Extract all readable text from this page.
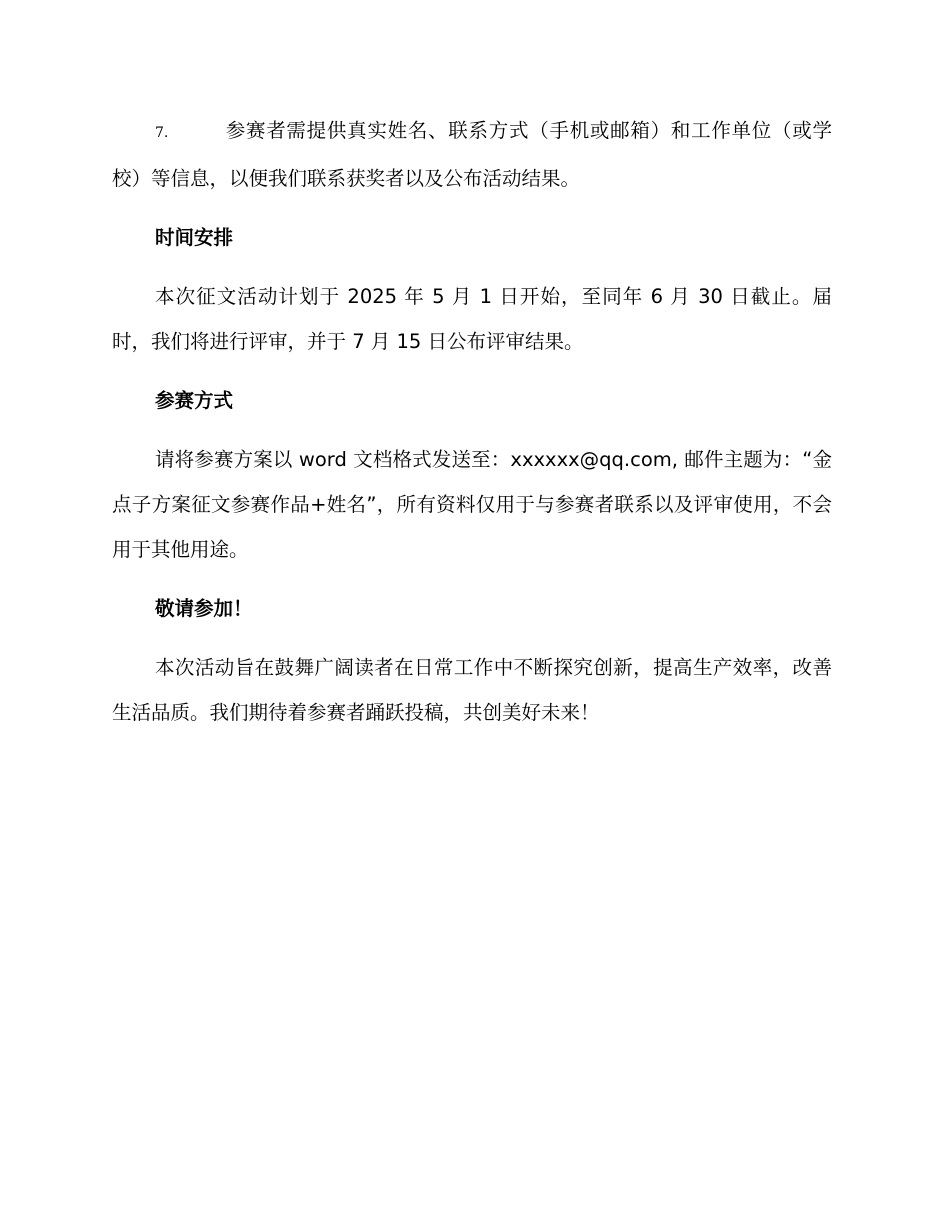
7.	参赛者需提供真实姓名、联系方式（手机或邮箱）和工作单位（或学校）等信息，以便我们联系获奖者以及公布活动结果。

时间安排

本次征文活动计划于 2025 年 5 月 1 日开始，至同年 6 月 30 日截止。届时，我们将进行评审，并于 7 月 15 日公布评审结果。

参赛方式

请将参赛方案以 word 文档格式发送至：xxxxxx@qq.com, 邮件主题为：“金点子方案征文参赛作品+姓名”，所有资料仅用于与参赛者联系以及评审使用，不会用于其他用途。

敬请参加！

本次活动旨在鼓舞广阔读者在日常工作中不断探究创新，提高生产效率，改善生活品质。我们期待着参赛者踊跃投稿，共创美好未来！
